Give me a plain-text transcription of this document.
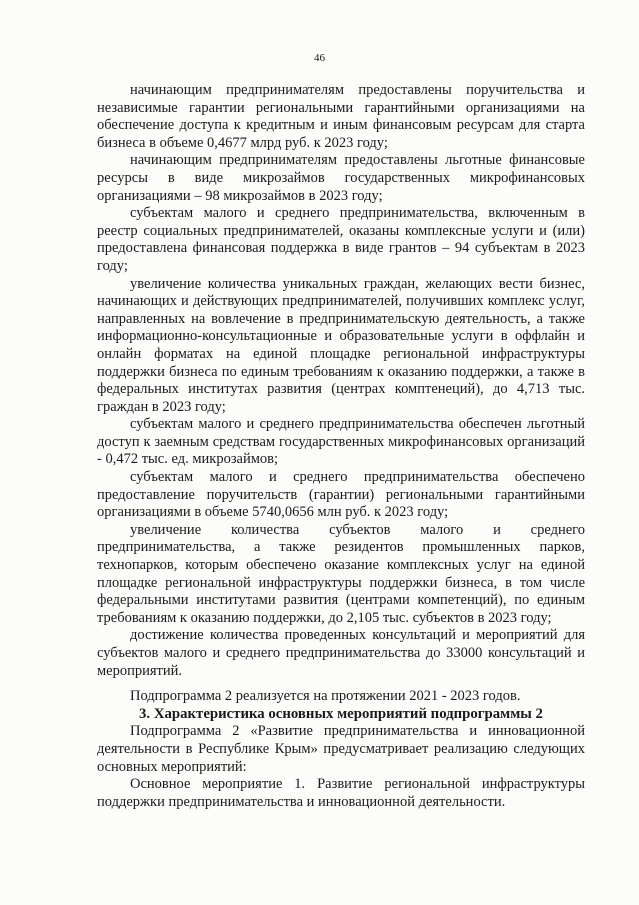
46

начинающим предпринимателям предоставлены поручительства и независимые гарантии региональными гарантийными организациями на обеспечение доступа к кредитным и иным финансовым ресурсам для старта бизнеса в объеме 0,4677 млрд руб. к 2023 году;

начинающим предпринимателям предоставлены льготные финансовые ресурсы в виде микрозаймов государственных микрофинансовых организациями – 98 микрозаймов в 2023 году;

субъектам малого и среднего предпринимательства, включенным в реестр социальных предпринимателей, оказаны комплексные услуги и (или) предоставлена финансовая поддержка в виде грантов – 94 субъектам в 2023 году;

увеличение количества уникальных граждан, желающих вести бизнес, начинающих и действующих предпринимателей, получивших комплекс услуг, направленных на вовлечение в предпринимательскую деятельность, а также информационно-консультационные и образовательные услуги в оффлайн и онлайн форматах на единой площадке региональной инфраструктуры поддержки бизнеса по единым требованиям к оказанию поддержки, а также в федеральных институтах развития (центрах комптенеций), до 4,713 тыс. граждан в 2023 году;

субъектам малого и среднего предпринимательства обеспечен льготный доступ к заемным средствам государственных микрофинансовых организаций - 0,472 тыс. ед. микрозаймов;

субъектам малого и среднего предпринимательства обеспечено предоставление поручительств (гарантии) региональными гарантийными организациями в объеме 5740,0656 млн руб. к 2023 году;

увеличение количества субъектов малого и среднего предпринимательства, а также резидентов промышленных парков, технопарков, которым обеспечено оказание комплексных услуг на единой площадке региональной инфраструктуры поддержки бизнеса, в том числе федеральными институтами развития (центрами компетенций), по единым требованиям к оказанию поддержки, до 2,105 тыс. субъектов в 2023 году;

достижение количества проведенных консультаций и мероприятий для субъектов малого и среднего предпринимательства до 33000 консультаций и мероприятий.

Подпрограмма 2 реализуется на протяжении 2021 - 2023 годов.

3. Характеристика основных мероприятий подпрограммы 2

Подпрограмма 2 «Развитие предпринимательства и инновационной деятельности в Республике Крым» предусматривает реализацию следующих основных мероприятий:

Основное мероприятие 1. Развитие региональной инфраструктуры поддержки предпринимательства и инновационной деятельности.
